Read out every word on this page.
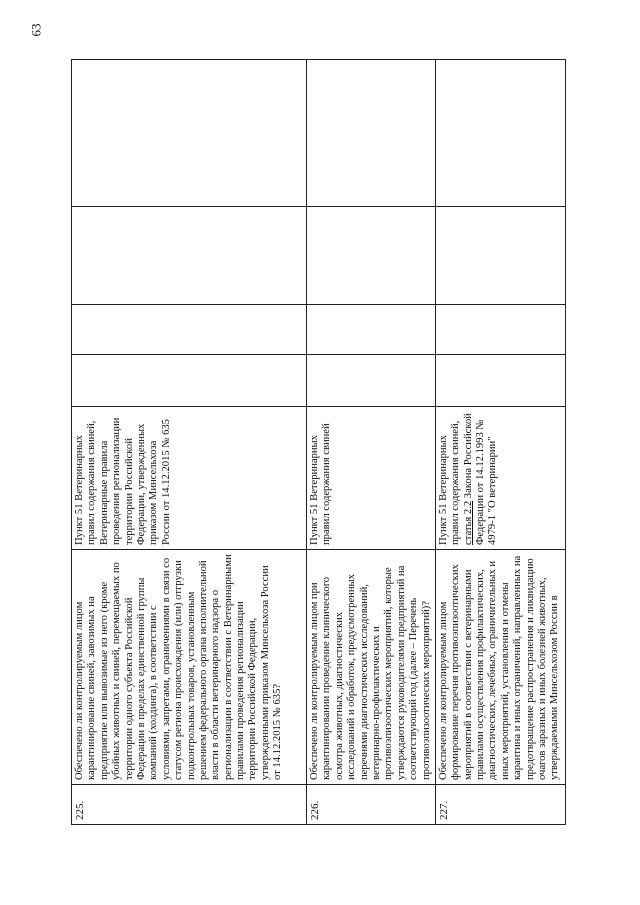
63
225.	Обеспечено ли контролируемым лицом карантинирование свиней, завозимых на предприятие или вывозимые из него (кроме убойных животных и свиней, перемещаемых по территории одного субъекта Российской Федерации в пределах единственной группы компаний (холдинга), в соответствии с условиями, запретами, ограничениями в связи со статусом региона происхождения (или) отгрузки подконтрольных товаров, установленным решением федерального органа исполнительной власти в области ветеринарного надзора о регионализации в соответствии с Ветеринарными правилами проведения регионализации территории Российской Федерации, утвержденными приказом Минсельхоза России от 14.12.2015 № 635?	Пункт 51 Ветеринарных правил содержания свиней, Ветеринарные правила проведения регионализации территории Российской Федерации, утвержденных приказом Минсельхоза России от 14.12.2015 № 635				
226.	Обеспечено ли контролируемым лицом при карантинировании проведение клинического осмотра животных, диагностических исследований и обработок, предусмотренных перечнями диагностических исследований, ветеринарно-профилактических и противоэпизоотических мероприятий, которые утверждаются руководителями предприятий на соответствующий год (далее – Перечень противоэпизоотических мероприятий)?	Пункт 51 Ветеринарных правил содержания свиней				
227.	Обеспечено ли контролируемым лицом формирование перечня противоэпизоотических мероприятий в соответствии с ветеринарными правилами осуществления профилактических, диагностических, лечебных, ограничительных и иных мероприятий, установления и отмены карантина и иных ограничений, направленных на предотвращение распространения и ликвидацию очагов заразных и иных болезней животных, утверждаемыми Минсельхозом России в	Пункт 51 Ветеринарных правил содержания свиней, статья 2.2 Закона Российской Федерации от 14.12.1993 № 4979-1 "О ветеринарии"				
